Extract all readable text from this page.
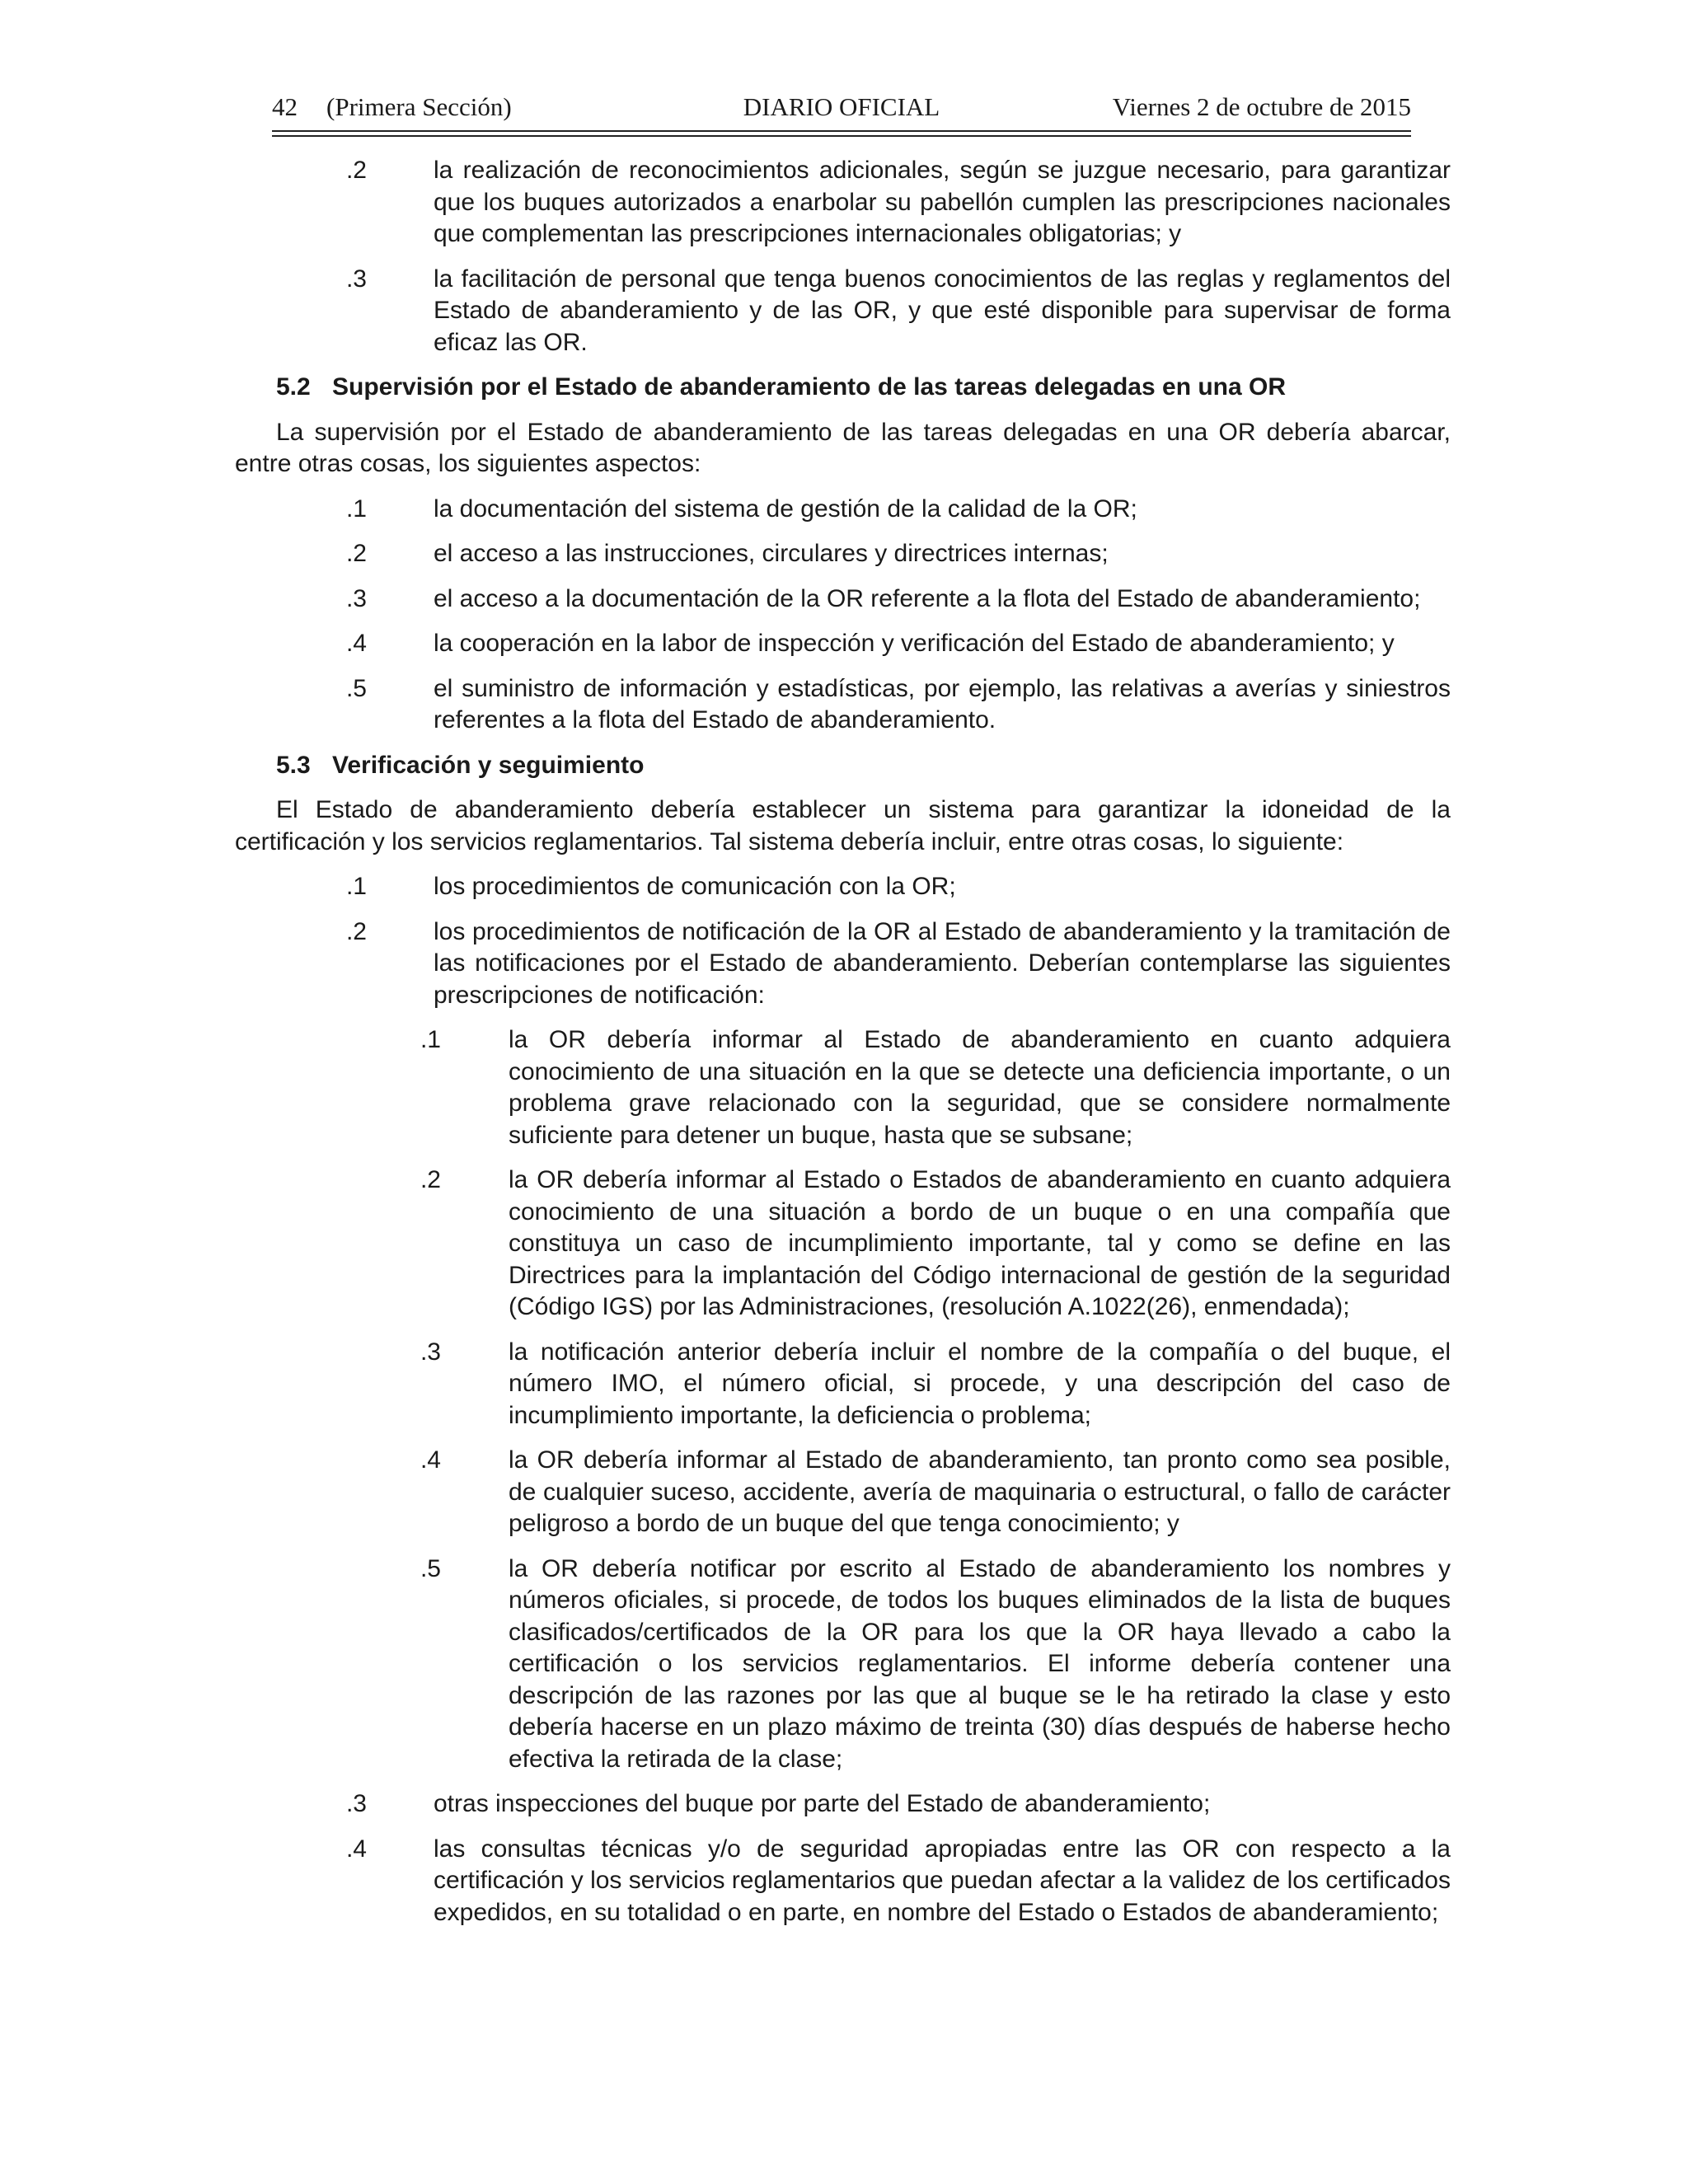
42 (Primera Sección)	DIARIO OFICIAL	Viernes 2 de octubre de 2015
.2	la realización de reconocimientos adicionales, según se juzgue necesario, para garantizar que los buques autorizados a enarbolar su pabellón cumplen las prescripciones nacionales que complementan las prescripciones internacionales obligatorias; y
.3	la facilitación de personal que tenga buenos conocimientos de las reglas y reglamentos del Estado de abanderamiento y de las OR, y que esté disponible para supervisar de forma eficaz las OR.
5.2 Supervisión por el Estado de abanderamiento de las tareas delegadas en una OR
La supervisión por el Estado de abanderamiento de las tareas delegadas en una OR debería abarcar, entre otras cosas, los siguientes aspectos:
.1	la documentación del sistema de gestión de la calidad de la OR;
.2	el acceso a las instrucciones, circulares y directrices internas;
.3	el acceso a la documentación de la OR referente a la flota del Estado de abanderamiento;
.4	la cooperación en la labor de inspección y verificación del Estado de abanderamiento; y
.5	el suministro de información y estadísticas, por ejemplo, las relativas a averías y siniestros referentes a la flota del Estado de abanderamiento.
5.3 Verificación y seguimiento
El Estado de abanderamiento debería establecer un sistema para garantizar la idoneidad de la certificación y los servicios reglamentarios. Tal sistema debería incluir, entre otras cosas, lo siguiente:
.1	los procedimientos de comunicación con la OR;
.2	los procedimientos de notificación de la OR al Estado de abanderamiento y la tramitación de las notificaciones por el Estado de abanderamiento. Deberían contemplarse las siguientes prescripciones de notificación:
.1	la OR debería informar al Estado de abanderamiento en cuanto adquiera conocimiento de una situación en la que se detecte una deficiencia importante, o un problema grave relacionado con la seguridad, que se considere normalmente suficiente para detener un buque, hasta que se subsane;
.2	la OR debería informar al Estado o Estados de abanderamiento en cuanto adquiera conocimiento de una situación a bordo de un buque o en una compañía que constituya un caso de incumplimiento importante, tal y como se define en las Directrices para la implantación del Código internacional de gestión de la seguridad (Código IGS) por las Administraciones, (resolución A.1022(26), enmendada);
.3	la notificación anterior debería incluir el nombre de la compañía o del buque, el número IMO, el número oficial, si procede, y una descripción del caso de incumplimiento importante, la deficiencia o problema;
.4	la OR debería informar al Estado de abanderamiento, tan pronto como sea posible, de cualquier suceso, accidente, avería de maquinaria o estructural, o fallo de carácter peligroso a bordo de un buque del que tenga conocimiento; y
.5	la OR debería notificar por escrito al Estado de abanderamiento los nombres y números oficiales, si procede, de todos los buques eliminados de la lista de buques clasificados/certificados de la OR para los que la OR haya llevado a cabo la certificación o los servicios reglamentarios. El informe debería contener una descripción de las razones por las que al buque se le ha retirado la clase y esto debería hacerse en un plazo máximo de treinta (30) días después de haberse hecho efectiva la retirada de la clase;
.3	otras inspecciones del buque por parte del Estado de abanderamiento;
.4	las consultas técnicas y/o de seguridad apropiadas entre las OR con respecto a la certificación y los servicios reglamentarios que puedan afectar a la validez de los certificados expedidos, en su totalidad o en parte, en nombre del Estado o Estados de abanderamiento;
